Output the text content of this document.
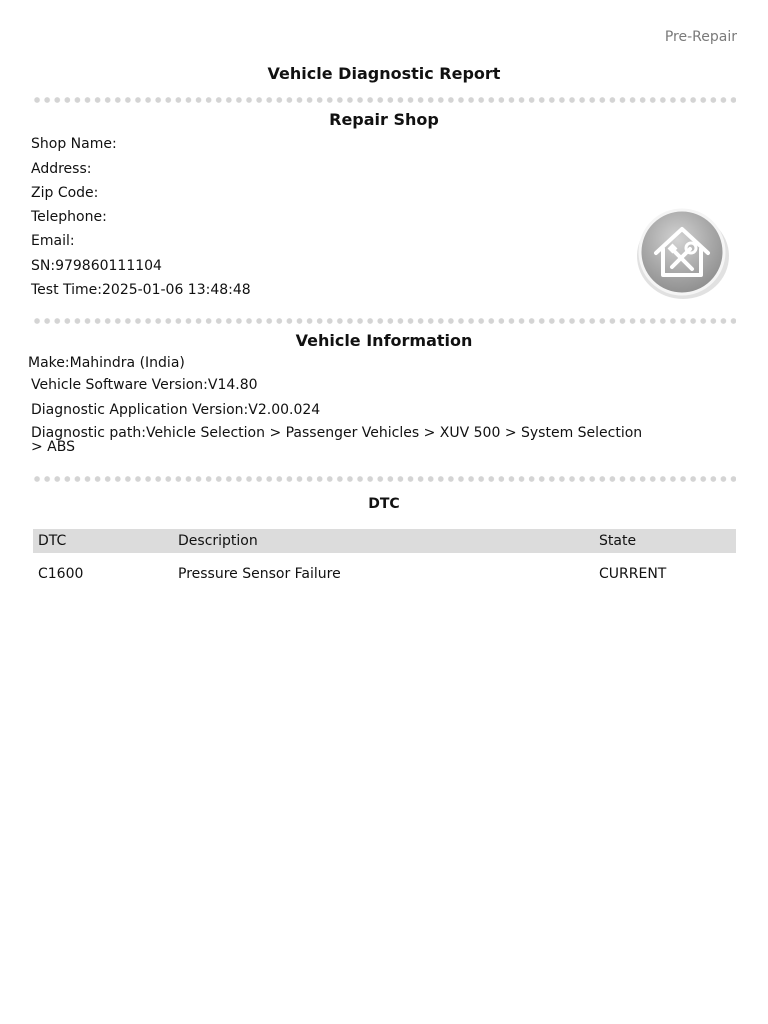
Pre-Repair
Vehicle Diagnostic Report
Repair Shop
Shop Name:
Address:
Zip Code:
Telephone:
Email:
SN:979860111104
Test Time:2025-01-06 13:48:48
Vehicle Information
Make:Mahindra (India)
Vehicle Software Version:V14.80
Diagnostic Application Version:V2.00.024
Diagnostic path:Vehicle Selection > Passenger Vehicles > XUV 500 > System Selection > ABS
DTC
DTC	Description	State
C1600	Pressure Sensor Failure	CURRENT
